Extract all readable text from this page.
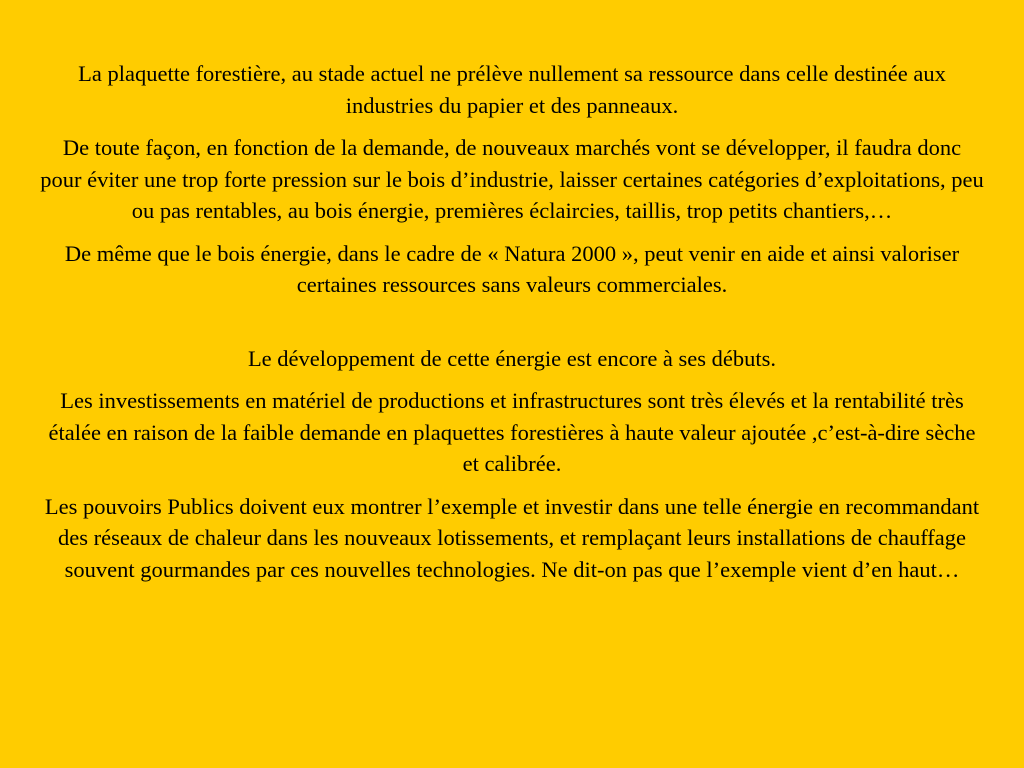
La plaquette forestière, au stade actuel ne prélève nullement sa ressource dans celle destinée aux industries du papier et des panneaux.

De toute façon, en fonction de la demande, de nouveaux marchés vont se développer, il faudra donc pour éviter une trop forte pression sur le bois d’industrie, laisser certaines catégories d’exploitations, peu ou pas rentables, au bois énergie, premières éclaircies, taillis, trop petits chantiers,…

De même que le bois énergie, dans le cadre de « Natura 2000 », peut venir en aide et ainsi valoriser certaines ressources sans valeurs commerciales.

Le développement de cette énergie est encore à ses débuts.

Les investissements en matériel de productions et infrastructures sont très élevés et la rentabilité très étalée en raison de la faible demande en plaquettes forestières à haute valeur ajoutée ,c’est-à-dire sèche et calibrée.

Les pouvoirs Publics doivent eux montrer l’exemple et investir dans une telle énergie en recommandant des réseaux de chaleur dans les nouveaux lotissements, et remplaçant leurs installations de chauffage souvent gourmandes par ces nouvelles technologies. Ne dit-on pas que l’exemple vient d’en haut…
